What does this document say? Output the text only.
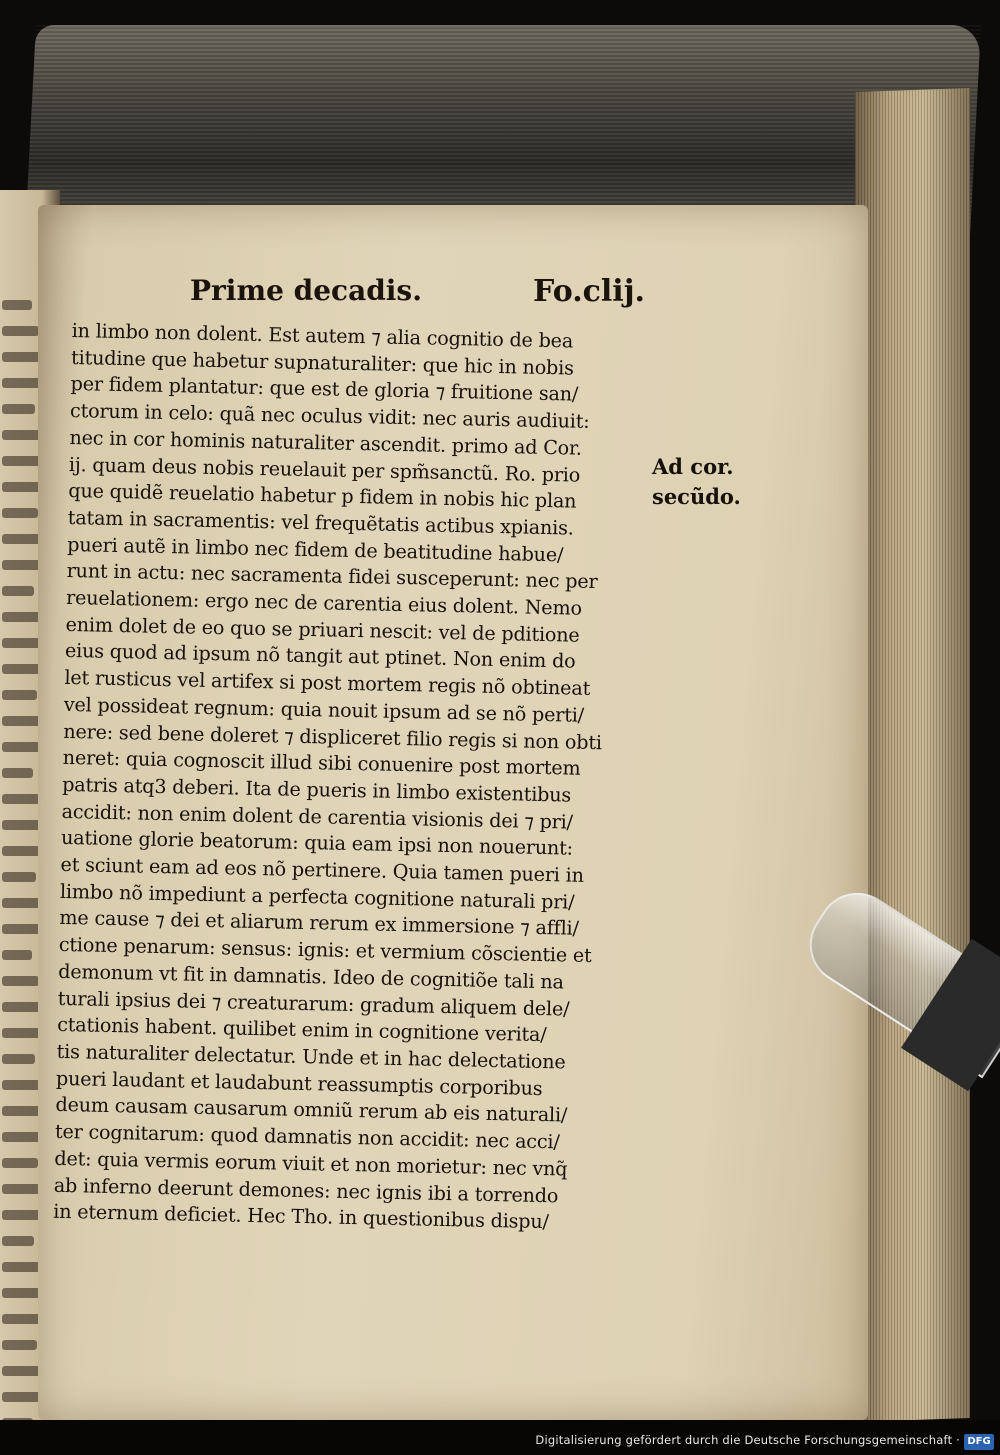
Prime decadis.	Fo.clij.
in limbo non dolent. Est autem ⁊ alia cognitio de bea
titudine que habetur supnaturaliter: que hic in nobis
per fidem plantatur: que est de gloria ⁊ fruitione san/
ctorum in celo: quã nec oculus vidit: nec auris audiuit:
nec in cor hominis naturaliter ascendit. primo ad Cor.
ij. quam deus nobis reuelauit per spm̃sanctũ. Ro. prio
que quidẽ reuelatio habetur p fidem in nobis hic plan
tatam in sacramentis: vel frequẽtatis actibus xpianis.
pueri autẽ in limbo nec fidem de beatitudine habue/
runt in actu: nec sacramenta fidei susceperunt: nec per
reuelationem: ergo nec de carentia eius dolent. Nemo
enim dolet de eo quo se priuari nescit: vel de pditione
eius quod ad ipsum nõ tangit aut ptinet. Non enim do
let rusticus vel artifex si post mortem regis nõ obtineat
vel possideat regnum: quia nouit ipsum ad se nõ perti/
nere: sed bene doleret ⁊ displiceret filio regis si non obti
neret: quia cognoscit illud sibi conuenire post mortem
patris atq3 deberi. Ita de pueris in limbo existentibus
accidit: non enim dolent de carentia visionis dei ⁊ pri/
uatione glorie beatorum: quia eam ipsi non nouerunt:
et sciunt eam ad eos nõ pertinere. Quia tamen pueri in
limbo nõ impediunt a perfecta cognitione naturali pri/
me cause ⁊ dei et aliarum rerum ex immersione ⁊ affli/
ctione penarum: sensus: ignis: et vermium cõscientie et
demonum vt fit in damnatis. Ideo de cognitiõe tali na
turali ipsius dei ⁊ creaturarum: gradum aliquem dele/
ctationis habent. quilibet enim in cognitione verita/
tis naturaliter delectatur. Unde et in hac delectatione
pueri laudant et laudabunt reassumptis corporibus
deum causam causarum omniũ rerum ab eis naturali/
ter cognitarum: quod damnatis non accidit: nec acci/
det: quia vermis eorum viuit et non morietur: nec vnq̃
ab inferno deerunt demones: nec ignis ibi a torrendo
in eternum deficiet. Hec Tho. in questionibus dispu/
Ad cor.
secũdo.
Digitalisierung gefördert durch die Deutsche Forschungsgemeinschaft · DFG
